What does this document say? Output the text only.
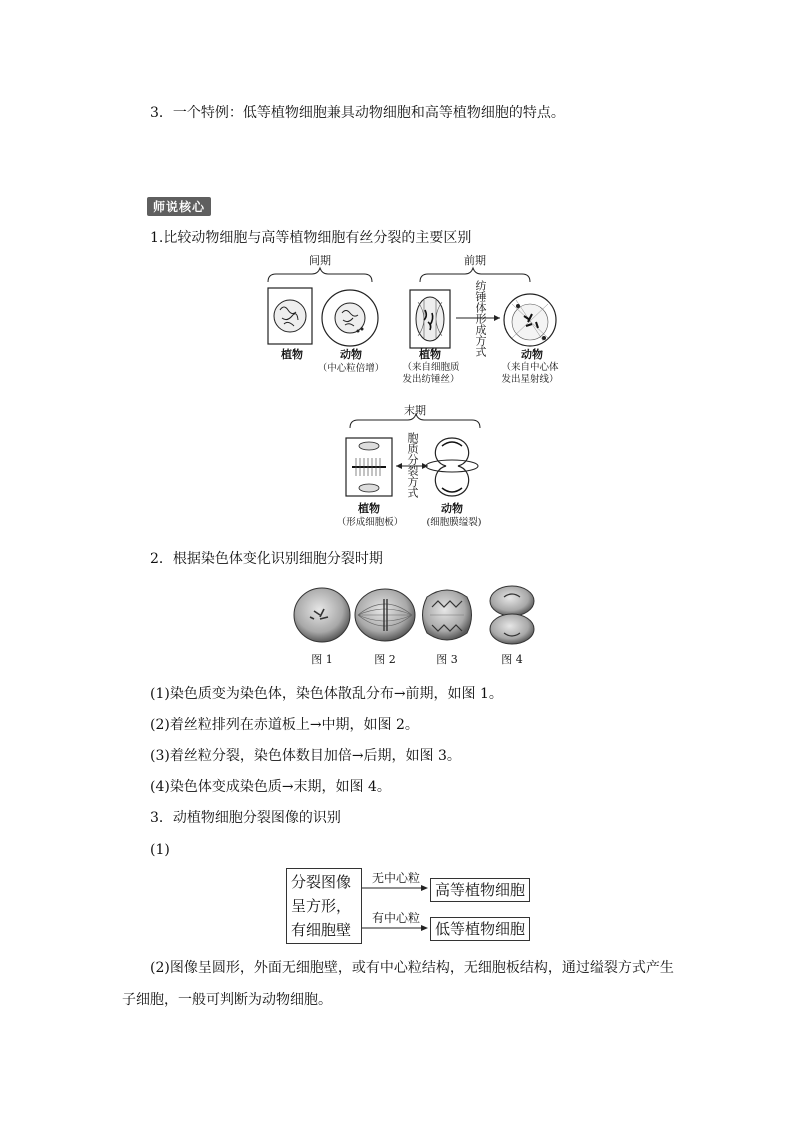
3．一个特例：低等植物细胞兼具动物细胞和高等植物细胞的特点。
师说核心
1.比较动物细胞与高等植物细胞有丝分裂的主要区别
间期	前期
植物	动物
（中心粒倍增）
植物
（来自细胞质
发出纺锤丝）
纺锤体形成方式	动物
（来自中心体
发出星射线）
末期
胞质分裂方式
植物
（形成细胞板）
动物
(细胞膜缢裂)
2．根据染色体变化识别细胞分裂时期
图 1	图 2	图 3	图 4
(1)染色质变为染色体，染色体散乱分布→前期，如图 1。
(2)着丝粒排列在赤道板上→中期，如图 2。
(3)着丝粒分裂，染色体数目加倍→后期，如图 3。
(4)染色体变成染色质→末期，如图 4。
3．动植物细胞分裂图像的识别
(1)
分裂图像
呈方形，
有细胞壁
无中心粒
有中心粒
高等植物细胞
低等植物细胞
(2)图像呈圆形，外面无细胞壁，或有中心粒结构，无细胞板结构，通过缢裂方式产生
子细胞，一般可判断为动物细胞。
